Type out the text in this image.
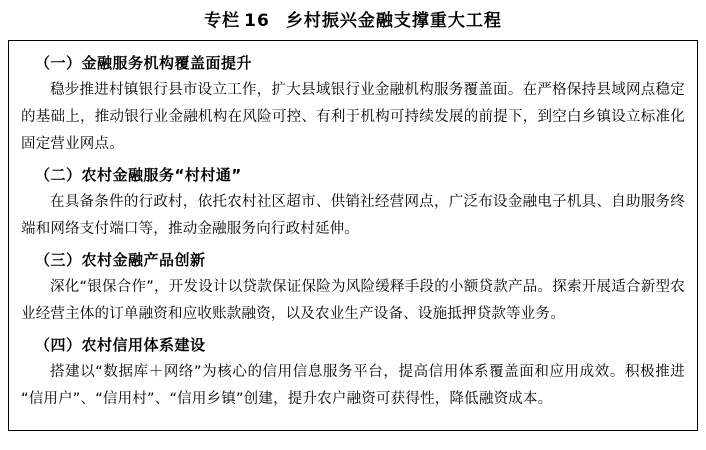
专栏 16 乡村振兴金融支撑重大工程

（一）金融服务机构覆盖面提升

稳步推进村镇银行县市设立工作，扩大县域银行业金融机构服务覆盖面。在严格保持县域网点稳定的基础上，推动银行业金融机构在风险可控、有利于机构可持续发展的前提下，到空白乡镇设立标准化固定营业网点。

（二）农村金融服务“村村通”

在具备条件的行政村，依托农村社区超市、供销社经营网点，广泛布设金融电子机具、自助服务终端和网络支付端口等，推动金融服务向行政村延伸。

（三）农村金融产品创新

深化“银保合作”，开发设计以贷款保证保险为风险缓释手段的小额贷款产品。探索开展适合新型农业经营主体的订单融资和应收账款融资，以及农业生产设备、设施抵押贷款等业务。

（四）农村信用体系建设

搭建以“数据库＋网络”为核心的信用信息服务平台，提高信用体系覆盖面和应用成效。积极推进“信用户”、“信用村”、“信用乡镇”创建，提升农户融资可获得性，降低融资成本。
